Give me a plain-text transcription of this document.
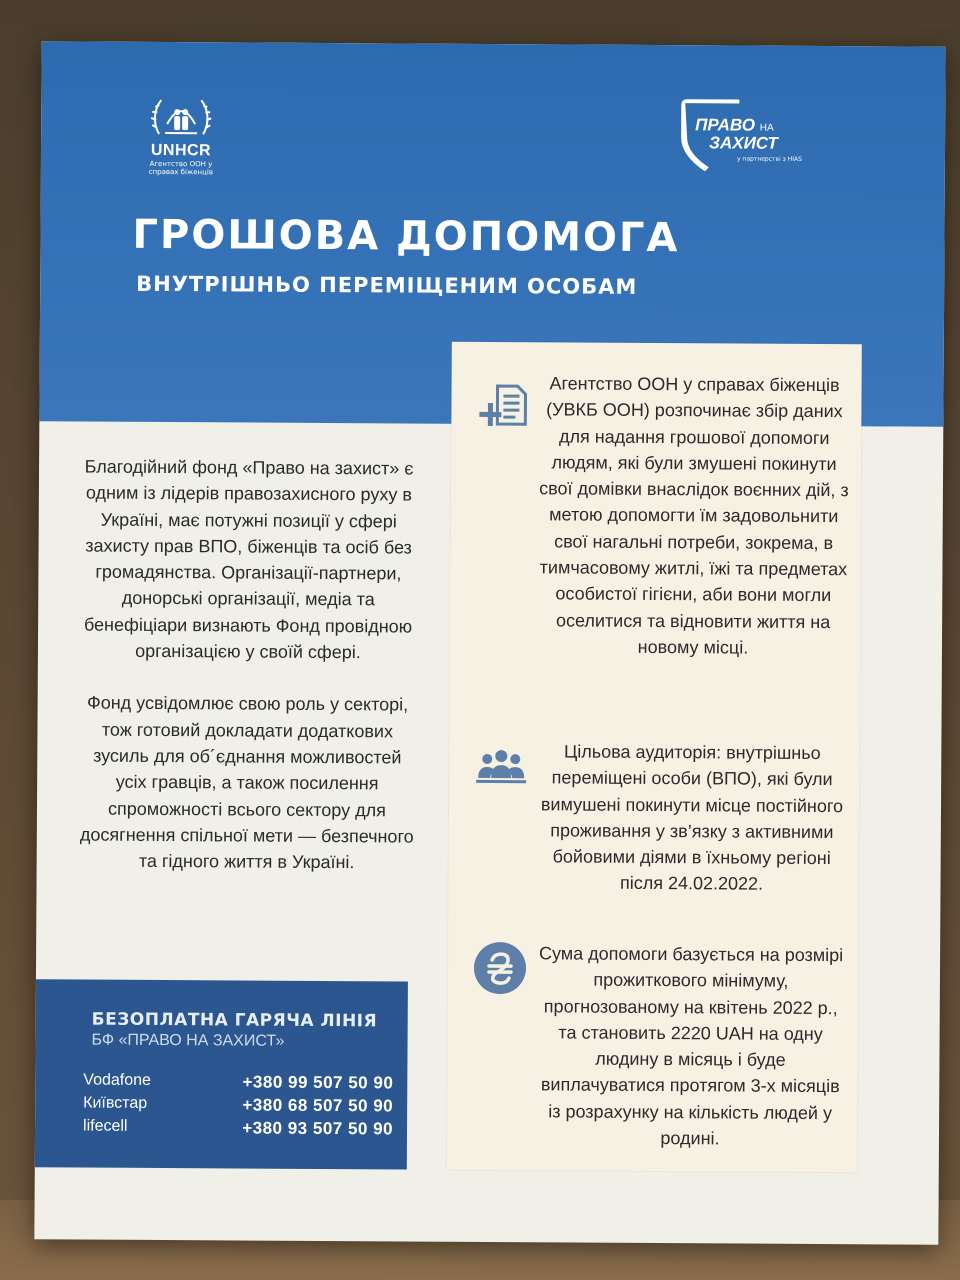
UNHCR
Агентство ООН у справах біженців
ПРАВО НА
ЗАХИСТ
у партнерстві з HIAS
ГРОШОВА ДОПОМОГА
ВНУТРІШНЬО ПЕРЕМІЩЕНИМ ОСОБАМ

Благодійний фонд «Право на захист» є одним із лідерів правозахисного руху в Україні, має потужні позиції у сфері захисту прав ВПО, біженців та осіб без громадянства. Організації-партнери, донорські організації, медіа та бенефіціари визнають Фонд провідною організацією у своїй сфері.

Фонд усвідомлює свою роль у секторі, тож готовий докладати додаткових зусиль для об´єднання можливостей усіх гравців, а також посилення спроможності всього сектору для досягнення спільної мети — безпечного та гідного життя в Україні.

БЕЗОПЛАТНА ГАРЯЧА ЛІНІЯ
БФ «ПРАВО НА ЗАХИСТ»
Vodafone	+380 99 507 50 90
Київстар	+380 68 507 50 90
lifecell	+380 93 507 50 90
Агентство ООН у справах біженців (УВКБ ООН) розпочинає збір даних для надання грошової допомоги людям, які були змушені покинути свої домівки внаслідок воєнних дій, з метою допомогти їм задовольнити свої нагальні потреби, зокрема, в тимчасовому житлі, їжі та предметах особистої гігієни, аби вони могли оселитися та відновити життя на новому місці.
Цільова аудиторія: внутрішньо переміщені особи (ВПО), які були вимушені покинути місце постійного проживання у зв’язку з активними бойовими діями в їхньому регіоні після 24.02.2022.
Сума допомоги базується на розмірі прожиткового мінімуму, прогнозованому на квітень 2022 р., та становить 2220 UAH на одну людину в місяць і буде виплачуватися протягом 3-х місяців із розрахунку на кількість людей у родині.
